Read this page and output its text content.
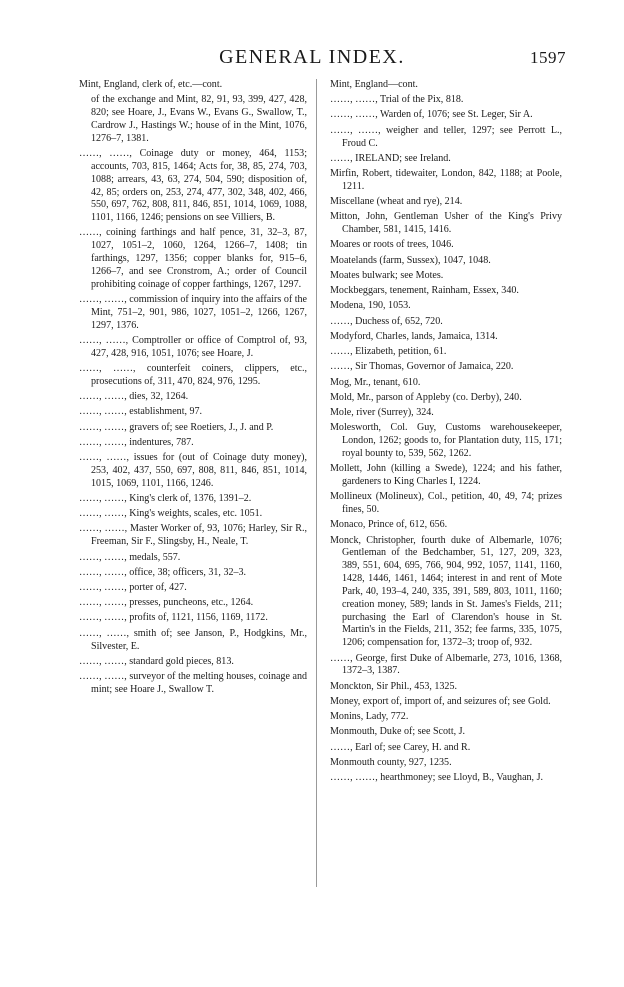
GENERAL INDEX.	1597

Mint, England, clerk of, etc.—cont.

of the exchange and Mint, 82, 91, 93, 399, 427, 428, 820; see Hoare, J., Evans W., Evans G., Swallow, T., Cardrow J., Hastings W.; house of in the Mint, 1076, 1276–7, 1381.

……, ……, Coinage duty or money, 464, 1153; accounts, 703, 815, 1464; Acts for, 38, 85, 274, 703, 1088; arrears, 43, 63, 274, 504, 590; disposition of, 42, 85; orders on, 253, 274, 477, 302, 348, 402, 466, 550, 697, 762, 808, 811, 846, 851, 1014, 1069, 1088, 1101, 1166, 1246; pensions on see Villiers, B.

……, coining farthings and half pence, 31, 32–3, 87, 1027, 1051–2, 1060, 1264, 1266–7, 1408; tin farthings, 1297, 1356; copper blanks for, 915–6, 1266–7, and see Cronstrom, A.; order of Council prohibiting coinage of copper farthings, 1267, 1297.

……, ……, commission of inquiry into the affairs of the Mint, 751–2, 901, 986, 1027, 1051–2, 1266, 1267, 1297, 1376.

……, ……, Comptroller or office of Comptrol of, 93, 427, 428, 916, 1051, 1076; see Hoare, J.

……, ……, counterfeit coiners, clippers, etc., prosecutions of, 311, 470, 824, 976, 1295.

……, ……, dies, 32, 1264.

……, ……, establishment, 97.

……, ……, gravers of; see Roetiers, J., J. and P.

……, ……, indentures, 787.

……, ……, issues for (out of Coinage duty money), 253, 402, 437, 550, 697, 808, 811, 846, 851, 1014, 1015, 1069, 1101, 1166, 1246.

……, ……, King's clerk of, 1376, 1391–2.

……, ……, King's weights, scales, etc. 1051.

……, ……, Master Worker of, 93, 1076; Harley, Sir R., Freeman, Sir F., Slingsby, H., Neale, T.

……, ……, medals, 557.

……, ……, office, 38; officers, 31, 32–3.

……, ……, porter of, 427.

……, ……, presses, puncheons, etc., 1264.

……, ……, profits of, 1121, 1156, 1169, 1172.

……, ……, smith of; see Janson, P., Hodgkins, Mr., Silvester, E.

……, ……, standard gold pieces, 813.

……, ……, surveyor of the melting houses, coinage and mint; see Hoare J., Swallow T.

Mint, England—cont.

……, ……, Trial of the Pix, 818.

……, ……, Warden of, 1076; see St. Leger, Sir A.

……, ……, weigher and teller, 1297; see Perrott L., Froud C.

……, IRELAND; see Ireland.

Mirfin, Robert, tidewaiter, London, 842, 1188; at Poole, 1211.

Miscellane (wheat and rye), 214.

Mitton, John, Gentleman Usher of the King's Privy Chamber, 581, 1415, 1416.

Moares or roots of trees, 1046.

Moatelands (farm, Sussex), 1047, 1048.

Moates bulwark; see Motes.

Mockbeggars, tenement, Rainham, Essex, 340.

Modena, 190, 1053.

……, Duchess of, 652, 720.

Modyford, Charles, lands, Jamaica, 1314.

……, Elizabeth, petition, 61.

……, Sir Thomas, Governor of Jamaica, 220.

Mog, Mr., tenant, 610.

Mold, Mr., parson of Appleby (co. Derby), 240.

Mole, river (Surrey), 324.

Molesworth, Col. Guy, Customs warehousekeeper, London, 1262; goods to, for Plantation duty, 115, 171; royal bounty to, 539, 562, 1262.

Mollett, John (killing a Swede), 1224; and his father, gardeners to King Charles I, 1224.

Mollineux (Molineux), Col., petition, 40, 49, 74; prizes fines, 50.

Monaco, Prince of, 612, 656.

Monck, Christopher, fourth duke of Albemarle, 1076; Gentleman of the Bedchamber, 51, 127, 209, 323, 389, 551, 604, 695, 766, 904, 992, 1057, 1141, 1160, 1428, 1446, 1461, 1464; interest in and rent of Mote Park, 40, 193–4, 240, 335, 391, 589, 803, 1011, 1160; creation money, 589; lands in St. James's Fields, 211; purchasing the Earl of Clarendon's house in St. Martin's in the Fields, 211, 352; fee farms, 335, 1075, 1206; compensation for, 1372–3; troop of, 932.

……, George, first Duke of Albemarle, 273, 1016, 1368, 1372–3, 1387.

Monckton, Sir Phil., 453, 1325.

Money, export of, import of, and seizures of; see Gold.

Monins, Lady, 772.

Monmouth, Duke of; see Scott, J.

……, Earl of; see Carey, H. and R.

Monmouth county, 927, 1235.

……, ……, hearthmoney; see Lloyd, B., Vaughan, J.
